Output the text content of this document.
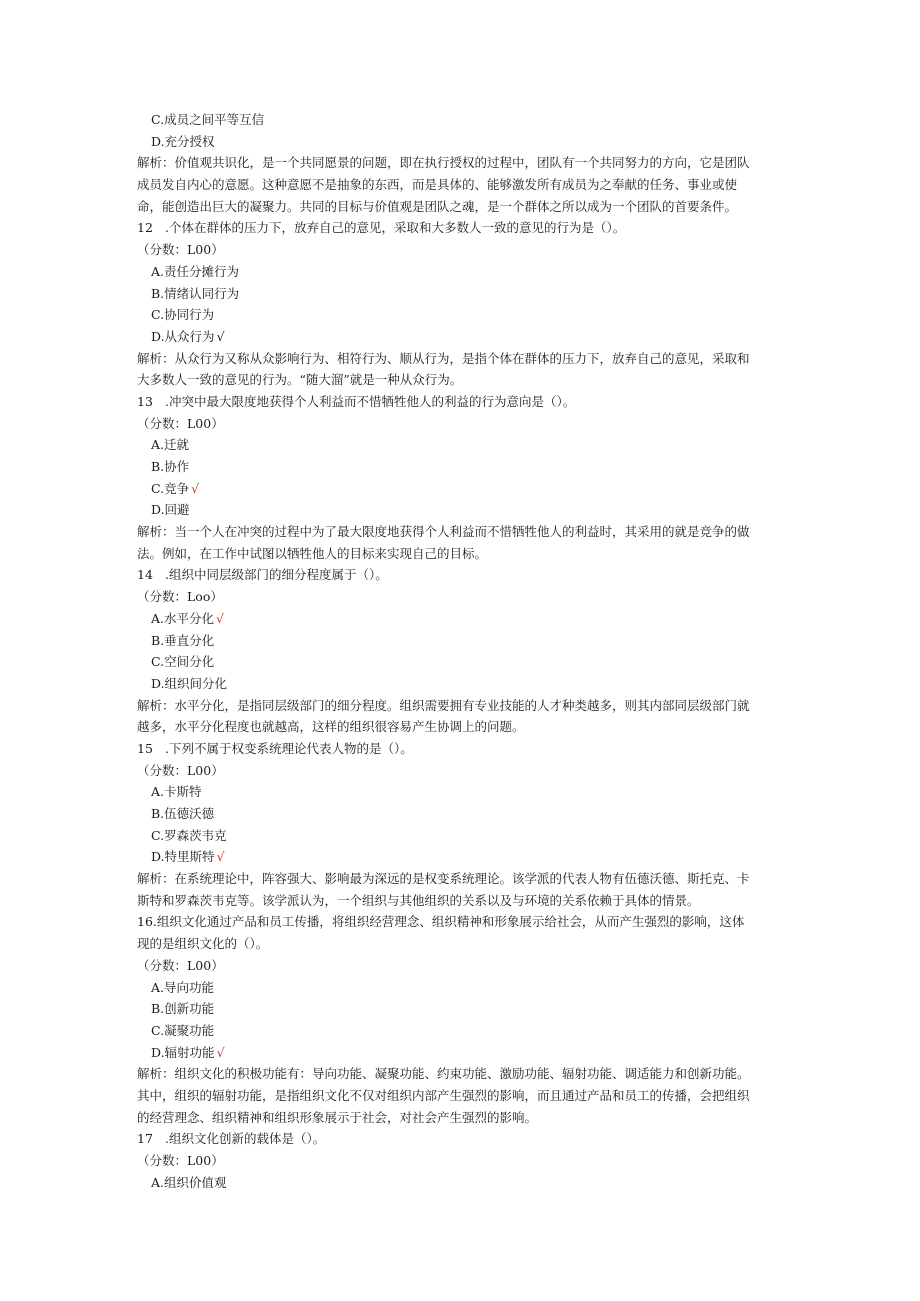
C.成员之间平等互信
D.充分授权
解析：价值观共识化，是一个共同愿景的问题，即在执行授权的过程中，团队有一个共同努力的方向，它是团队
成员发自内心的意愿。这种意愿不是抽象的东西，而是具体的、能够激发所有成员为之奉献的任务、事业或使
命，能创造出巨大的凝聚力。共同的目标与价值观是团队之魂，是一个群体之所以成为一个团队的首要条件。
12 .个体在群体的压力下，放弃自己的意见，采取和大多数人一致的意见的行为是（）。
（分数：L00）
A.责任分摊行为
B.情绪认同行为
C.协同行为
D.从众行为 √
解析：从众行为又称从众影响行为、相符行为、顺从行为，是指个体在群体的压力下，放弃自己的意见，采取和
大多数人一致的意见的行为。“随大溜”就是一种从众行为。
13 .冲突中最大限度地获得个人利益而不惜牺牲他人的利益的行为意向是（）。
（分数：L00）
A.迁就
B.协作
C.竞争 √
D.回避
解析：当一个人在冲突的过程中为了最大限度地获得个人利益而不惜牺牲他人的利益时，其采用的就是竞争的做
法。例如，在工作中试图以牺牲他人的目标来实现自己的目标。
14 .组织中同层级部门的细分程度属于（）。
（分数：Loo）
A.水平分化 √
B.垂直分化
C.空间分化
D.组织间分化
解析：水平分化，是指同层级部门的细分程度。组织需要拥有专业技能的人才种类越多，则其内部同层级部门就
越多，水平分化程度也就越高，这样的组织很容易产生协调上的问题。
15 .下列不属于权变系统理论代表人物的是（）。
（分数：L00）
A.卡斯特
B.伍德沃德
C.罗森茨韦克
D.特里斯特 √
解析：在系统理论中，阵容强大、影响最为深远的是权变系统理论。该学派的代表人物有伍德沃德、斯托克、卡
斯特和罗森茨韦克等。该学派认为，一个组织与其他组织的关系以及与环境的关系依赖于具体的情景。
16.组织文化通过产品和员工传播，将组织经营理念、组织精神和形象展示给社会，从而产生强烈的影响，这体
现的是组织文化的（）。
（分数：L00）
A.导向功能
B.创新功能
C.凝聚功能
D.辐射功能 √
解析：组织文化的积极功能有：导向功能、凝聚功能、约束功能、激励功能、辐射功能、调适能力和创新功能。
其中，组织的辐射功能，是指组织文化不仅对组织内部产生强烈的影响，而且通过产品和员工的传播，会把组织
的经营理念、组织精神和组织形象展示于社会，对社会产生强烈的影响。
17 .组织文化创新的载体是（）。
（分数：L00）
A.组织价值观
